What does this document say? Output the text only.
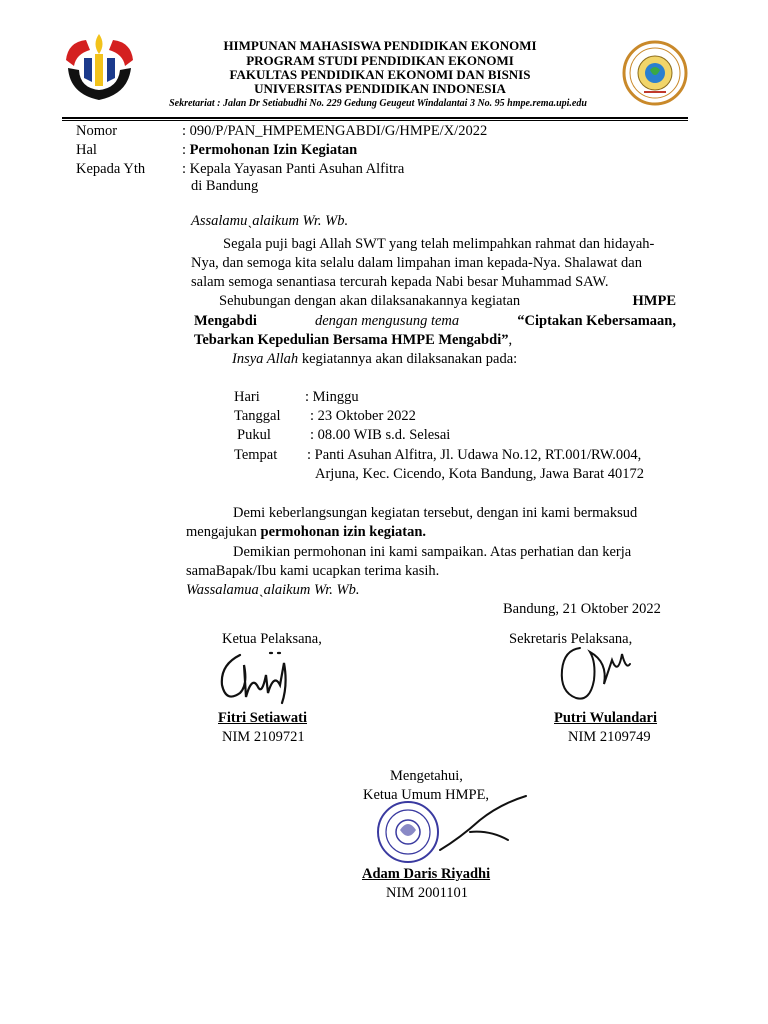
HIMPUNAN MAHASISWA PENDIDIKAN EKONOMI
PROGRAM STUDI PENDIDIKAN EKONOMI
FAKULTAS PENDIDIKAN EKONOMI DAN BISNIS
UNIVERSITAS PENDIDIKAN INDONESIA
Sekretariat : Jalan Dr Setiabudhi No. 229 Gedung Geugeut Windalantai 3 No. 95 hmpe.rema.upi.edu
Nomor	: 090/P/PAN_HMPEMENGABDI/G/HMPE/X/2022
Hal	: Permohonan Izin Kegiatan
Kepada Yth	: Kepala Yayasan Panti Asuhan Alfitra
di Bandung
Assalamuˎalaikum Wr. Wb.
Segala puji bagi Allah SWT yang telah melimpahkan rahmat dan hidayah-
Nya, dan semoga kita selalu dalam limpahan iman kepada-Nya. Shalawat dan
salam semoga senantiasa tercurah kepada Nabi besar Muhammad SAW.
Sehubungan dengan akan dilaksanakannya kegiatan	HMPE
Mengabdi	dengan mengusung tema	“Ciptakan Kebersamaan,
Tebarkan Kepedulian Bersama HMPE Mengabdi”,
Insya Allah kegiatannya akan dilaksanakan pada:
Hari	: Minggu
Tanggal : 23 Oktober 2022
Pukul	: 08.00 WIB s.d. Selesai
Tempat : Panti Asuhan Alfitra, Jl. Udawa No.12, RT.001/RW.004,
Arjuna, Kec. Cicendo, Kota Bandung, Jawa Barat 40172
Demi keberlangsungan kegiatan tersebut, dengan ini kami bermaksud
mengajukan permohonan izin kegiatan.
Demikian permohonan ini kami sampaikan. Atas perhatian dan kerja
samaBapak/Ibu kami ucapkan terima kasih.
Wassalamuaˎalaikum Wr. Wb.
Bandung, 21 Oktober 2022
Ketua Pelaksana,
Fitri Setiawati
NIM 2109721
Sekretaris Pelaksana,
Putri Wulandari
NIM 2109749
Mengetahui,
Ketua Umum HMPE,
Adam Daris Riyadhi
NIM 2001101
